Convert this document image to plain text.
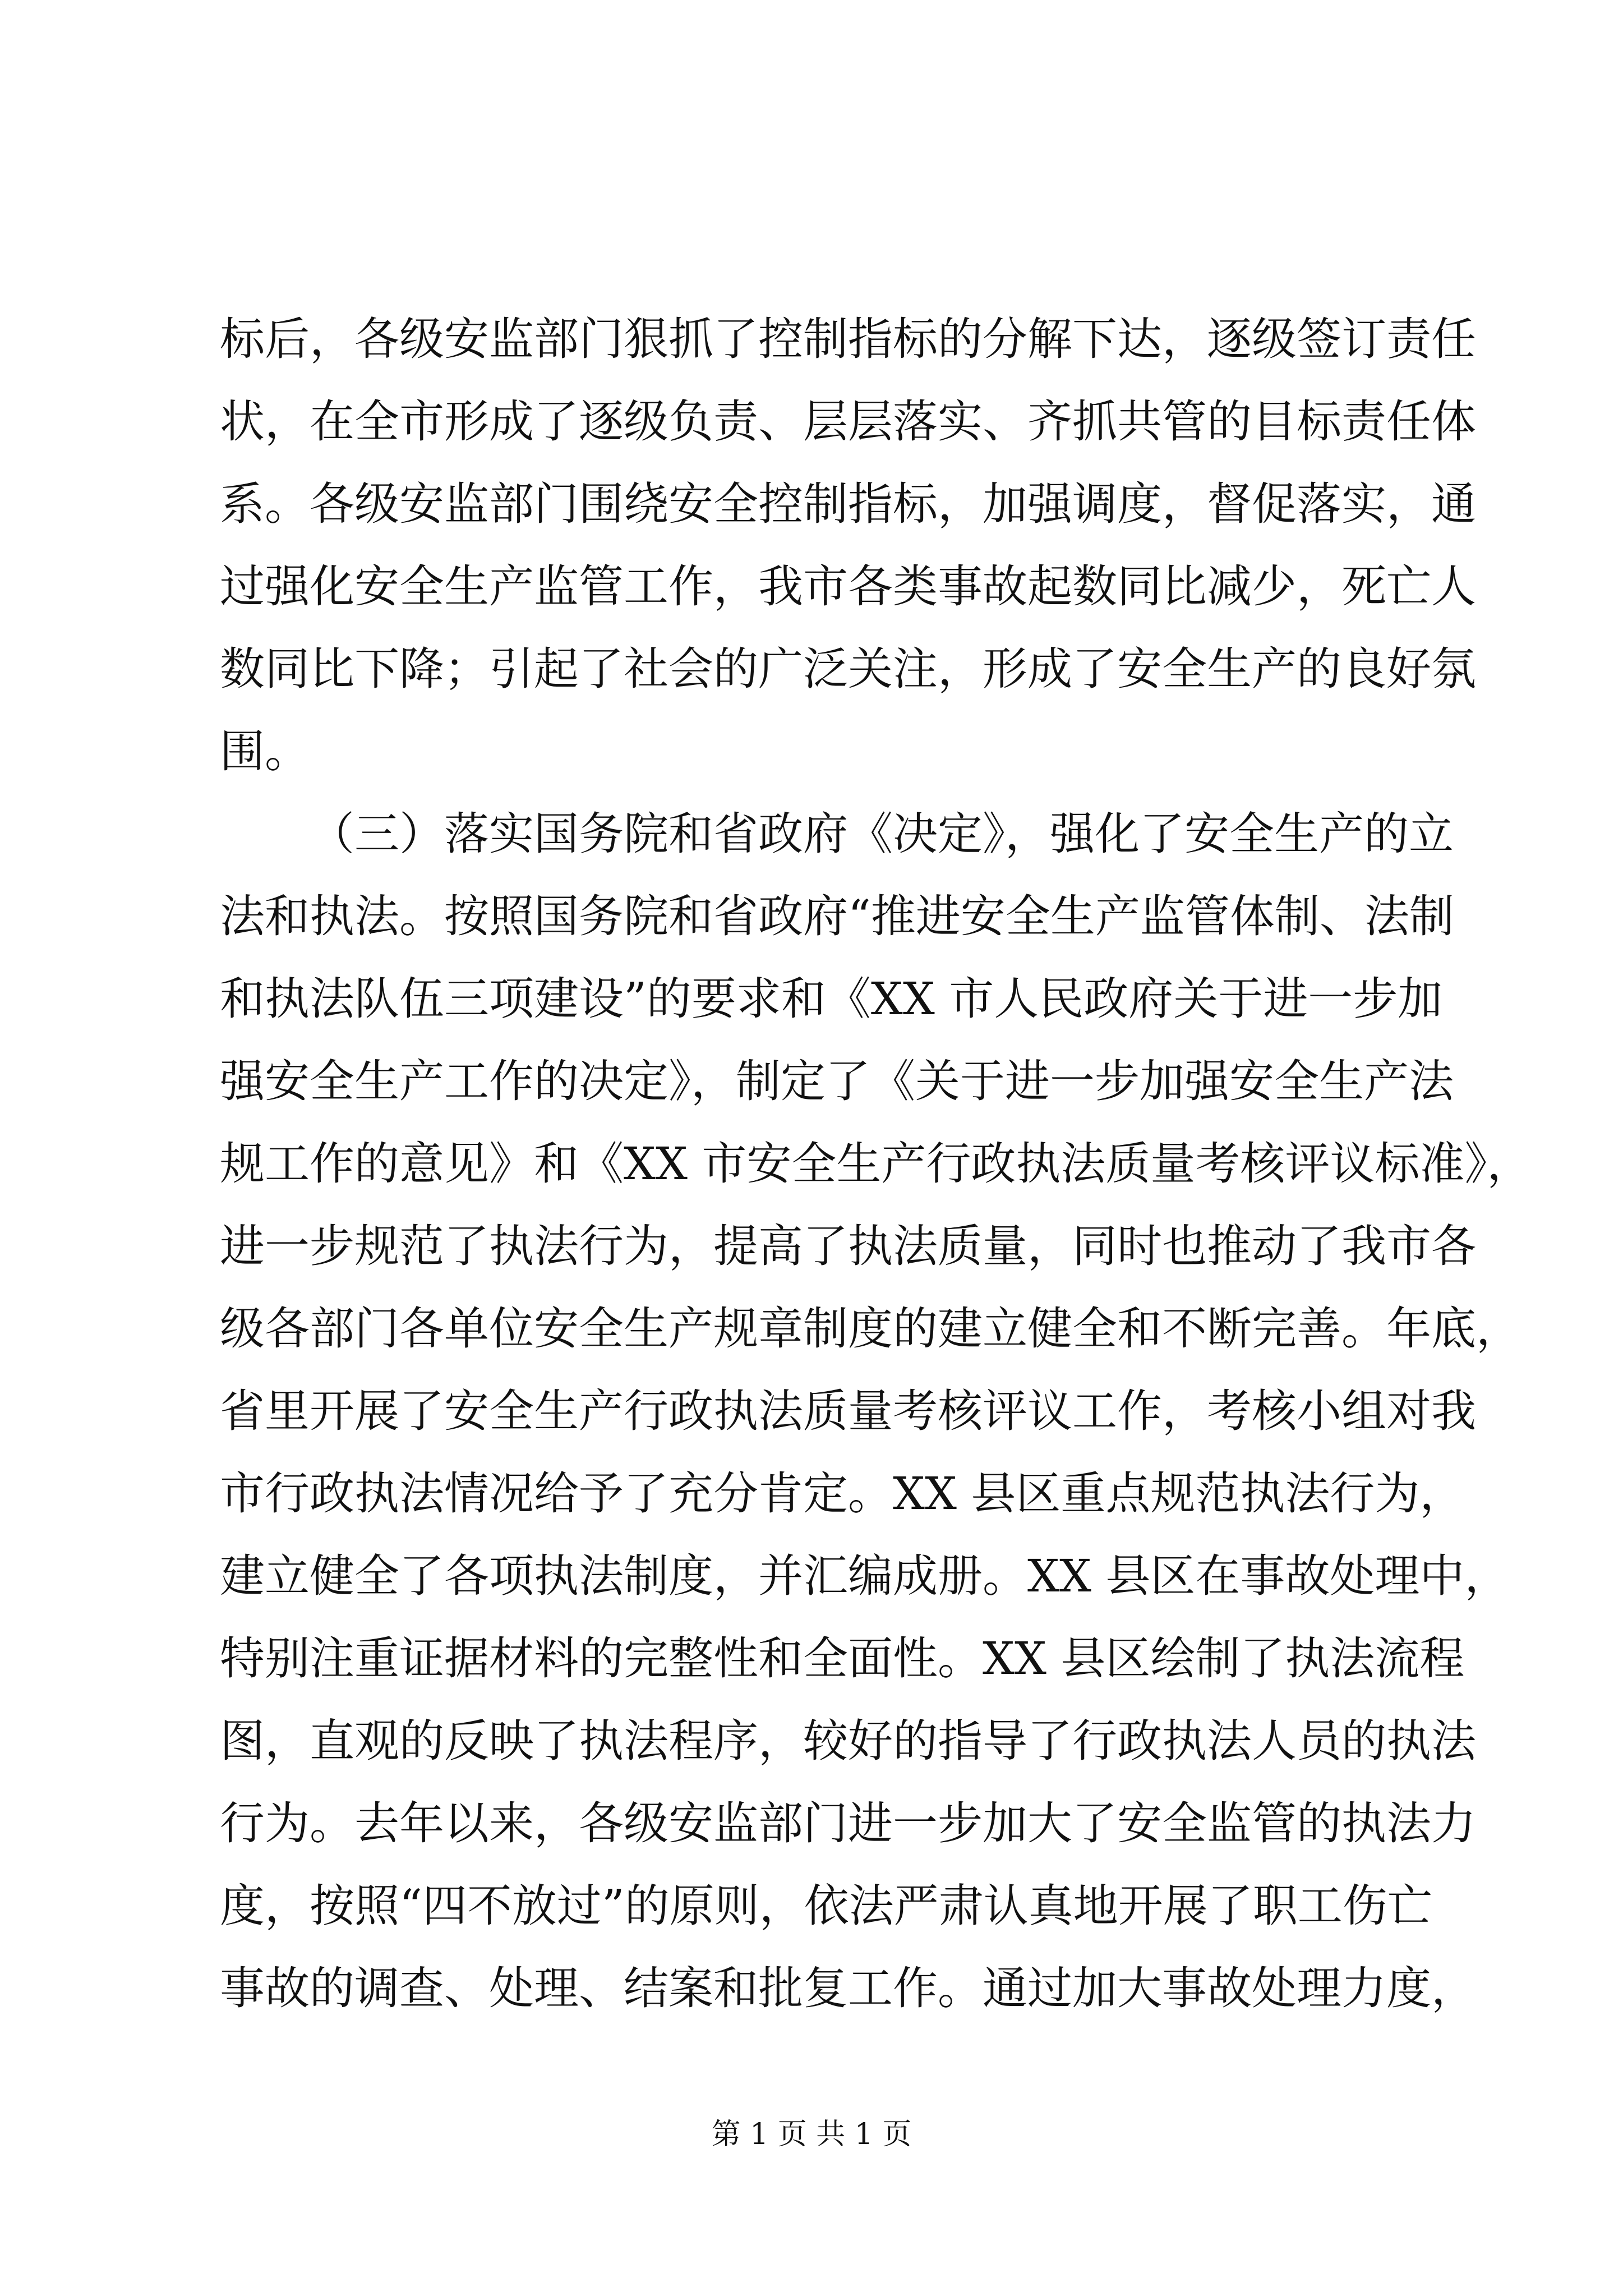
标后，各级安监部门狠抓了控制指标的分解下达，逐级签订责任
状，在全市形成了逐级负责、层层落实、齐抓共管的目标责任体
系。各级安监部门围绕安全控制指标，加强调度，督促落实，通
过强化安全生产监管工作，我市各类事故起数同比减少，死亡人
数同比下降；引起了社会的广泛关注，形成了安全生产的良好氛
围。
（三）落实国务院和省政府《决定》，强化了安全生产的立
法和执法。按照国务院和省政府“推进安全生产监管体制、法制
和执法队伍三项建设”的要求和《XX 市人民政府关于进一步加
强安全生产工作的决定》，制定了《关于进一步加强安全生产法
规工作的意见》和《XX 市安全生产行政执法质量考核评议标准》，
进一步规范了执法行为，提高了执法质量，同时也推动了我市各
级各部门各单位安全生产规章制度的建立健全和不断完善。年底，
省里开展了安全生产行政执法质量考核评议工作，考核小组对我
市行政执法情况给予了充分肯定。XX 县区重点规范执法行为，
建立健全了各项执法制度，并汇编成册。XX 县区在事故处理中，
特别注重证据材料的完整性和全面性。XX 县区绘制了执法流程
图，直观的反映了执法程序，较好的指导了行政执法人员的执法
行为。去年以来，各级安监部门进一步加大了安全监管的执法力
度，按照“四不放过”的原则，依法严肃认真地开展了职工伤亡
事故的调查、处理、结案和批复工作。通过加大事故处理力度，
第 1 页 共 1 页
